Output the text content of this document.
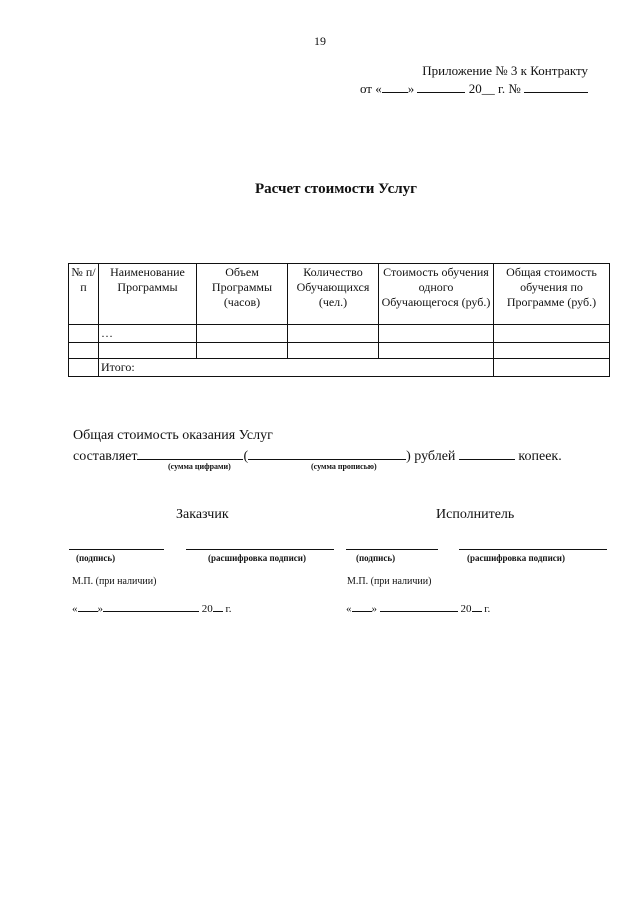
19
Приложение № 3 к Контракту
от « »	20__ г. №
Расчет стоимости Услуг
№ п/п	Наименование Программы	Объем Программы (часов)	Количество Обучающихся (чел.)	Стоимость обучения одного Обучающегося (руб.)	Общая стоимость обучения по Программе (руб.)
	…				

	Итого:				
Общая стоимость оказания Услуг
составляет	(	) рублей	копеек.
(сумма цифрами)	(сумма прописью)
Заказчик	Исполнитель
(подпись)	(расшифровка подписи)	(подпись)	(расшифровка подписи)
М.П. (при наличии)	М.П. (при наличии)
« »	20 г.	« »	20 г.
